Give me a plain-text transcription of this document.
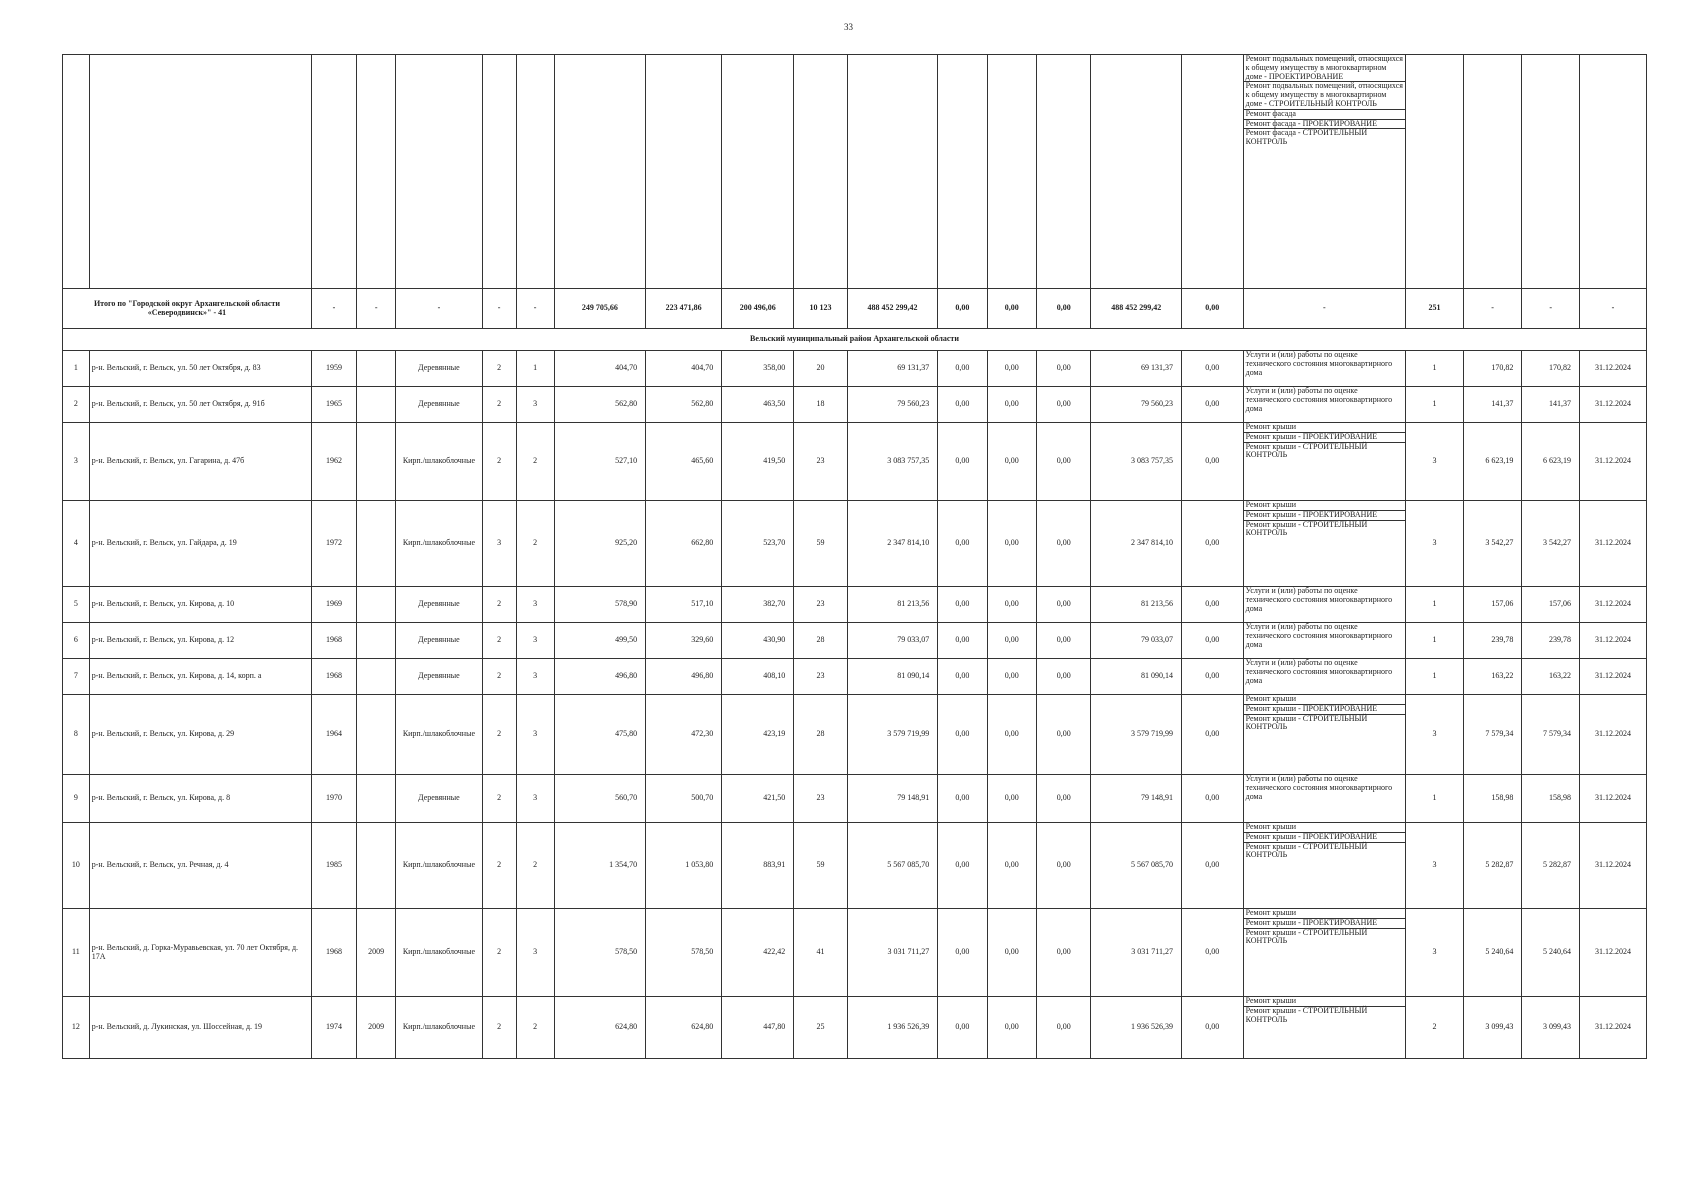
33

Ремонт подвальных помещений, относящихся к общему имуществу в многоквартирном доме - ПРОЕКТИРОВАНИЕ
Ремонт подвальных помещений, относящихся к общему имуществу в многоквартирном доме - СТРОИТЕЛЬНЫЙ КОНТРОЛЬ
Ремонт фасада
Ремонт фасада - ПРОЕКТИРОВАНИЕ
Ремонт фасада - СТРОИТЕЛЬНЫЙ КОНТРОЛЬ				

Итого по "Городской округ Архангельской области «Северодвинск»" - 41		-	-	-	-	-	249 705,66	223 471,86	200 496,06	10 123	488 452 299,42	0,00	0,00	0,00	488 452 299,42	0,00	-	251	-	-	-
Вельский муниципальный район Архангельской области																					
1	р-н. Вельский, г. Вельск, ул. 50 лет Октября, д. 83	1959		Деревянные	2	1	404,70	404,70	358,00	20	69 131,37	0,00	0,00	0,00	69 131,37	0,00	Услуги и (или) работы по оценке технического состояния многоквартирного дома	1	170,82	170,82	31.12.2024
2	р-н. Вельский, г. Вельск, ул. 50 лет Октября, д. 91б	1965		Деревянные	2	3	562,80	562,80	463,50	18	79 560,23	0,00	0,00	0,00	79 560,23	0,00	Услуги и (или) работы по оценке технического состояния многоквартирного дома	1	141,37	141,37	31.12.2024
3	р-н. Вельский, г. Вельск, ул. Гагарина, д. 47б	1962		Кирп./шлакоблочные	2	2	527,10	465,60	419,50	23	3 083 757,35	0,00	0,00	0,00	3 083 757,35	0,00	Ремонт крыши
Ремонт крыши - ПРОЕКТИРОВАНИЕ
Ремонт крыши - СТРОИТЕЛЬНЫЙ КОНТРОЛЬ	3	6 623,19	6 623,19	31.12.2024
4	р-н. Вельский, г. Вельск, ул. Гайдара, д. 19	1972		Кирп./шлакоблочные	3	2	925,20	662,80	523,70	59	2 347 814,10	0,00	0,00	0,00	2 347 814,10	0,00	Ремонт крыши
Ремонт крыши - ПРОЕКТИРОВАНИЕ
Ремонт крыши - СТРОИТЕЛЬНЫЙ КОНТРОЛЬ	3	3 542,27	3 542,27	31.12.2024
5	р-н. Вельский, г. Вельск, ул. Кирова, д. 10	1969		Деревянные	2	3	578,90	517,10	382,70	23	81 213,56	0,00	0,00	0,00	81 213,56	0,00	Услуги и (или) работы по оценке технического состояния многоквартирного дома	1	157,06	157,06	31.12.2024
6	р-н. Вельский, г. Вельск, ул. Кирова, д. 12	1968		Деревянные	2	3	499,50	329,60	430,90	28	79 033,07	0,00	0,00	0,00	79 033,07	0,00	Услуги и (или) работы по оценке технического состояния многоквартирного дома	1	239,78	239,78	31.12.2024
7	р-н. Вельский, г. Вельск, ул. Кирова, д. 14, корп. а	1968		Деревянные	2	3	496,80	496,80	408,10	23	81 090,14	0,00	0,00	0,00	81 090,14	0,00	Услуги и (или) работы по оценке технического состояния многоквартирного дома	1	163,22	163,22	31.12.2024
8	р-н. Вельский, г. Вельск, ул. Кирова, д. 29	1964		Кирп./шлакоблочные	2	3	475,80	472,30	423,19	28	3 579 719,99	0,00	0,00	0,00	3 579 719,99	0,00	Ремонт крыши
Ремонт крыши - ПРОЕКТИРОВАНИЕ
Ремонт крыши - СТРОИТЕЛЬНЫЙ КОНТРОЛЬ	3	7 579,34	7 579,34	31.12.2024
9	р-н. Вельский, г. Вельск, ул. Кирова, д. 8	1970		Деревянные	2	3	560,70	500,70	421,50	23	79 148,91	0,00	0,00	0,00	79 148,91	0,00	Услуги и (или) работы по оценке технического состояния многоквартирного дома	1	158,98	158,98	31.12.2024
10	р-н. Вельский, г. Вельск, ул. Речная, д. 4	1985		Кирп./шлакоблочные	2	2	1 354,70	1 053,80	883,91	59	5 567 085,70	0,00	0,00	0,00	5 567 085,70	0,00	Ремонт крыши
Ремонт крыши - ПРОЕКТИРОВАНИЕ
Ремонт крыши - СТРОИТЕЛЬНЫЙ КОНТРОЛЬ	3	5 282,87	5 282,87	31.12.2024
11	р-н. Вельский, д. Горка-Муравьевская, ул. 70 лет Октября, д. 17А	1968	2009	Кирп./шлакоблочные	2	3	578,50	578,50	422,42	41	3 031 711,27	0,00	0,00	0,00	3 031 711,27	0,00	Ремонт крыши
Ремонт крыши - ПРОЕКТИРОВАНИЕ
Ремонт крыши - СТРОИТЕЛЬНЫЙ КОНТРОЛЬ	3	5 240,64	5 240,64	31.12.2024
12	р-н. Вельский, д. Лукинская, ул. Шоссейная, д. 19	1974	2009	Кирп./шлакоблочные	2	2	624,80	624,80	447,80	25	1 936 526,39	0,00	0,00	0,00	1 936 526,39	0,00	Ремонт крыши
Ремонт крыши - СТРОИТЕЛЬНЫЙ КОНТРОЛЬ	2	3 099,43	3 099,43	31.12.2024
